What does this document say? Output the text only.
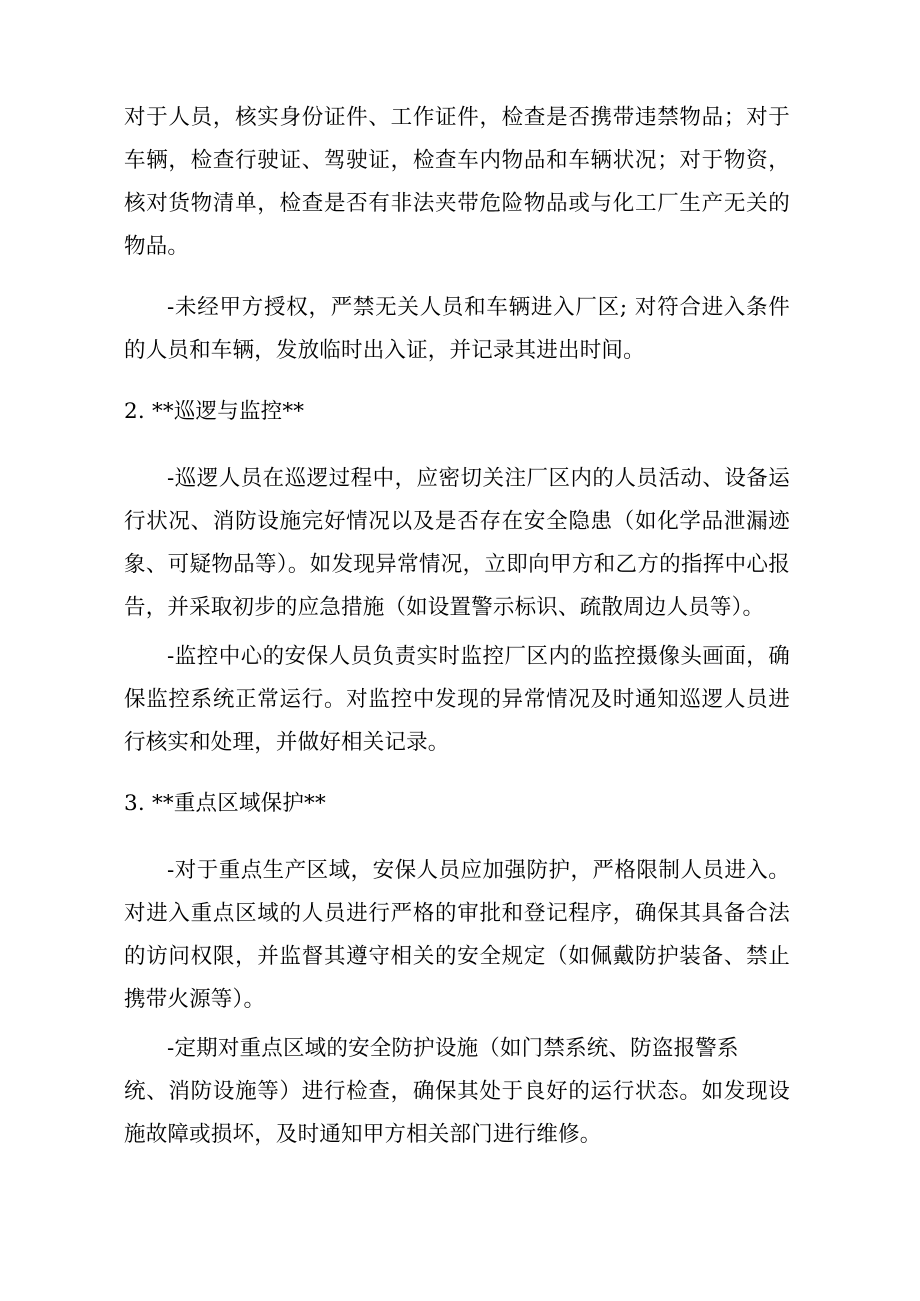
对于人员，核实身份证件、工作证件，检查是否携带违禁物品；对于车辆，检查行驶证、驾驶证，检查车内物品和车辆状况；对于物资，核对货物清单，检查是否有非法夹带危险物品或与化工厂生产无关的物品。

-未经甲方授权，严禁无关人员和车辆进入厂区; 对符合进入条件的人员和车辆，发放临时出入证，并记录其进出时间。

2. **巡逻与监控**

-巡逻人员在巡逻过程中，应密切关注厂区内的人员活动、设备运行状况、消防设施完好情况以及是否存在安全隐患（如化学品泄漏迹象、可疑物品等）。如发现异常情况，立即向甲方和乙方的指挥中心报告，并采取初步的应急措施（如设置警示标识、疏散周边人员等）。

-监控中心的安保人员负责实时监控厂区内的监控摄像头画面，确保监控系统正常运行。对监控中发现的异常情况及时通知巡逻人员进行核实和处理，并做好相关记录。

3. **重点区域保护**

-对于重点生产区域，安保人员应加强防护，严格限制人员进入。对进入重点区域的人员进行严格的审批和登记程序，确保其具备合法的访问权限，并监督其遵守相关的安全规定（如佩戴防护装备、禁止携带火源等）。

-定期对重点区域的安全防护设施（如门禁系统、防盗报警系

统、消防设施等）进行检查，确保其处于良好的运行状态。如发现设施故障或损坏，及时通知甲方相关部门进行维修。
